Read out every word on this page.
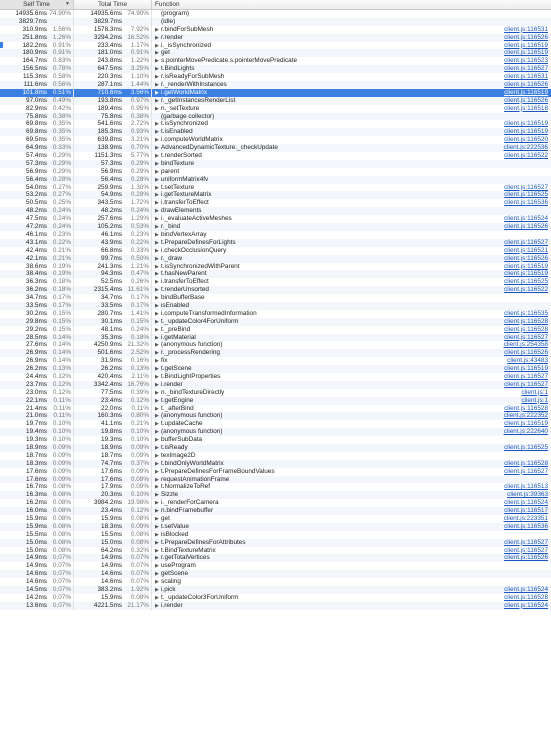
Self Time	▼	Total Time	Function
14935.6ms 74.90%	14935.6ms 74.90%	(program)
3829.7ms	3829.7ms	(idle)
310.9ms 1.56%	1578.3ms 7.92% ▶ r.bindForSubMesh	client.js:116531
251.8ms 1.26%	3294.2ms 16.52% ▶ r.render	client.js:116526
182.2ms 0.91%	233.4ms 1.17% ▶ i._isSynchronized	client.js:116519
180.9ms 0.91%	181.0ms 0.91% ▶ get	client.js:116519
164.7ms 0.83%	243.8ms 1.22% ▶ s.pointerMovePredicate.s.pointerMovePredicate	client.js:116523
156.5ms 0.78%	647.5ms 3.25% ▶ t.BindLights	client.js:116527
115.3ms 0.58%	220.3ms 1.10% ▶ r.isReadyForSubMesh	client.js:116531
111.6ms 0.56%	287.1ms 1.44% ▶ r._renderWithInstances	client.js:116526
101.8ms 0.51%	710.6ms 3.56% ▶ i.getWorldMatrix	client.js:116519
97.0ms 0.49%	193.8ms 0.97% ▶ r._getInstancesRenderList	client.js:116526
82.9ms 0.42%	189.4ms 0.95% ▶ n._setTexture	client.js:116518
75.8ms 0.38%	75.8ms 0.38%	(garbage collector)
69.8ms 0.35%	541.6ms 2.72% ▶ t.isSynchronized	client.js:116519
69.8ms 0.35%	185.3ms 0.93% ▶ t.isEnabled	client.js:116519
69.5ms 0.35%	639.8ms 3.21% ▶ i.computeWorldMatrix	client.js:116520
64.9ms 0.33%	138.9ms 0.70% ▶ AdvancedDynamicTexture._checkUpdate	client.js:222536
57.4ms 0.29%	1151.3ms 5.77% ▶ t.renderSorted	client.js:116522
57.3ms 0.29%	57.3ms 0.29% ▶ bindTexture
56.9ms 0.29%	56.9ms 0.29% ▶ parent
56.4ms 0.28%	56.4ms 0.28% ▶ uniformMatrix4fv
54.0ms 0.27%	259.9ms 1.30% ▶ t.setTexture	client.js:116527
53.2ms 0.27%	54.9ms 0.28% ▶ i.getTextureMatrix	client.js:116525
50.5ms 0.25%	343.5ms 1.72% ▶ i.transferToEffect	client.js:116536
48.2ms 0.24%	48.2ms 0.24% ▶ drawElements
47.5ms 0.24%	257.6ms 1.29% ▶ i._evaluateActiveMeshes	client.js:116524
47.2ms 0.24%	105.2ms 0.53% ▶ r._bind	client.js:116526
46.1ms 0.23%	46.1ms 0.23% ▶ bindVertexArray
43.1ms 0.22%	43.9ms 0.22% ▶ t.PrepareDefinesForLights	client.js:116527
42.4ms 0.21%	66.8ms 0.33% ▶ i.checkOcclusionQuery	client.js:116521
42.1ms 0.21%	99.7ms 0.50% ▶ r._draw	client.js:116526
38.6ms 0.19%	241.3ms 1.21% ▶ t.isSynchronizedWithParent	client.js:116519
38.4ms 0.19%	94.3ms 0.47% ▶ t.hasNewParent	client.js:116519
36.3ms 0.18%	52.5ms 0.26% ▶ i.transferToEffect	client.js:116525
36.2ms 0.18%	2315.4ms 11.61% ▶ t.renderUnsorted	client.js:116522
34.7ms 0.17%	34.7ms 0.17% ▶ bindBufferBase
33.5ms 0.17%	33.5ms 0.17% ▶ isEnabled
30.2ms 0.15%	280.7ms 1.41% ▶ i.computeTransformedInformation	client.js:116535
29.8ms 0.15%	30.1ms 0.15% ▶ t._updateColor4ForUniform	client.js:116528
29.2ms 0.15%	48.1ms 0.24% ▶ t._preBind	client.js:116528
28.5ms 0.14%	35.3ms 0.18% ▶ i.getMaterial	client.js:116527
27.6ms 0.14%	4250.9ms 21.32% ▶ (anonymous function)	client.js:254358
26.9ms 0.14%	501.6ms 2.52% ▶ r._processRendering	client.js:116526
26.9ms 0.14%	31.9ms 0.16% ▶ fix	client.js:43483
26.2ms 0.13%	26.2ms 0.13% ▶ t.getScene	client.js:116519
24.4ms 0.12%	420.4ms 2.11% ▶ t.BindLightProperties	client.js:116527
23.7ms 0.12%	3342.4ms 16.76% ▶ i.render	client.js:116527
23.0ms 0.12%	77.5ms 0.39% ▶ n._bindTextureDirectly	client.js:1
22.1ms 0.11%	23.4ms 0.12% ▶ t.getEngine	client.js:1
21.4ms 0.11%	22.0ms 0.11% ▶ t._afterBind	client.js:116528
21.0ms 0.11%	160.3ms 0.80% ▶ (anonymous function)	client.js:222352
19.7ms 0.10%	41.1ms 0.21% ▶ t.updateCache	client.js:116519
19.4ms 0.10%	19.8ms 0.10% ▶ (anonymous function)	client.js:222640
19.3ms 0.10%	19.3ms 0.10% ▶ bufferSubData
18.9ms 0.09%	18.9ms 0.09% ▶ t.isReady	client.js:116525
18.7ms 0.09%	18.7ms 0.09% ▶ texImage2D
18.3ms 0.09%	74.7ms 0.37% ▶ t.bindOnlyWorldMatrix	client.js:116528
17.6ms 0.09%	17.6ms 0.09% ▶ t.PrepareDefinesForFrameBoundValues	client.js:116527
17.6ms 0.09%	17.6ms 0.09% ▶ requestAnimationFrame
16.7ms 0.08%	17.9ms 0.09% ▶ t.NormalizeToRef	client.js:116513
16.3ms 0.08%	20.3ms 0.10% ▶ Sizzle	client.js:39363
16.2ms 0.08%	3984.2ms 19.98% ▶ i._renderForCamera	client.js:116524
16.0ms 0.08%	23.4ms 0.12% ▶ n.bindFramebuffer	client.js:116517
15.9ms 0.08%	15.9ms 0.08% ▶ get	client.js:223351
15.9ms 0.08%	18.3ms 0.09% ▶ t.setValue	client.js:116536
15.5ms 0.08%	15.5ms 0.08% ▶ isBlocked
15.0ms 0.08%	15.0ms 0.08% ▶ t.PrepareDefinesForAttributes	client.js:116527
15.0ms 0.08%	64.2ms 0.32% ▶ t.BindTextureMatrix	client.js:116527
14.9ms 0.07%	14.9ms 0.07% ▶ r.getTotalVertices	client.js:116526
14.9ms 0.07%	14.9ms 0.07% ▶ useProgram
14.6ms 0.07%	14.6ms 0.07% ▶ getScene
14.6ms 0.07%	14.6ms 0.07% ▶ scaling
14.5ms 0.07%	383.2ms 1.92% ▶ i.pick	client.js:116524
14.2ms 0.07%	15.9ms 0.08% ▶ t._updateColor3ForUniform	client.js:116528
13.6ms 0.07%	4221.5ms 21.17% ▶ i.render	client.js:116524
